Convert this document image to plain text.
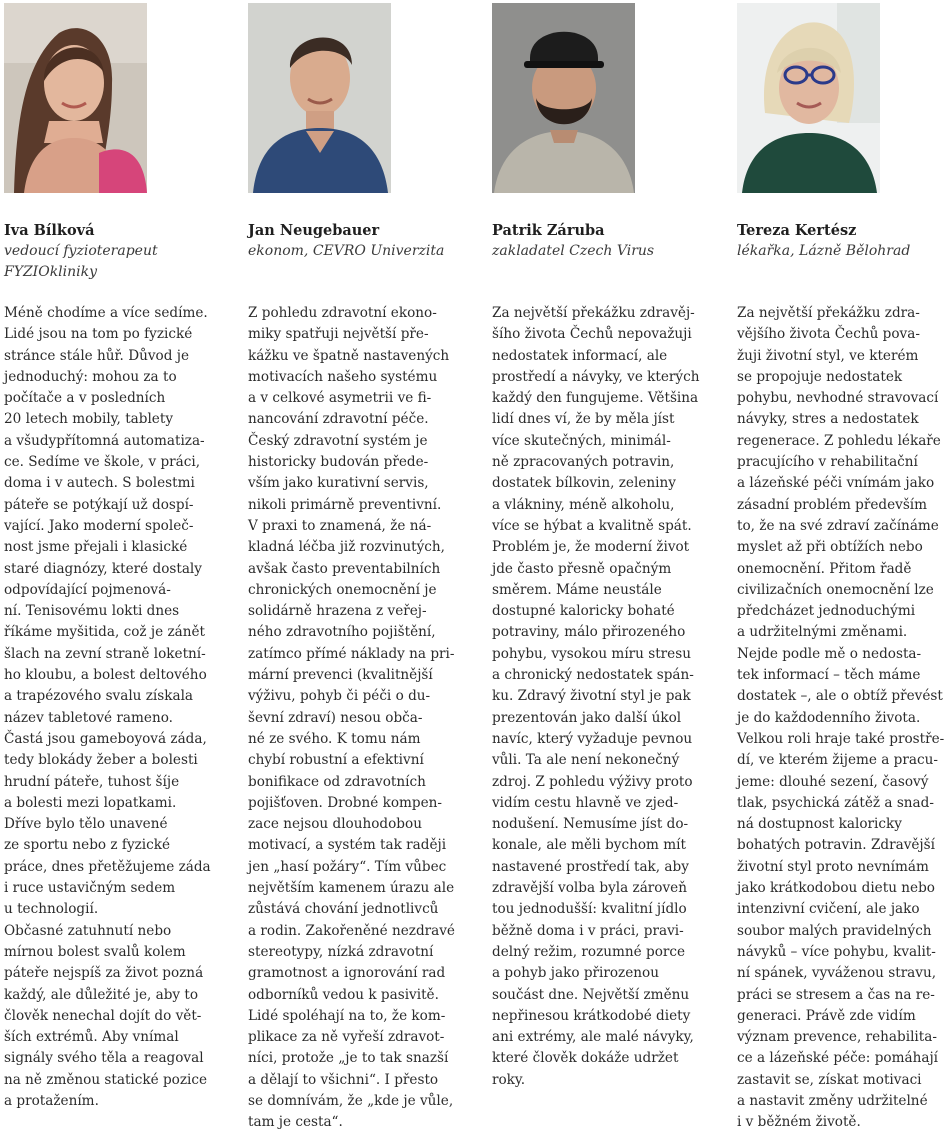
Iva Bílková
vedoucí fyzioterapeut
FYZIOkliniky
Méně chodíme a více sedíme.
Lidé jsou na tom po fyzické
stránce stále hůř. Důvod je
jednoduchý: mohou za to
počítače a v posledních
20 letech mobily, tablety
a všudypřítomná automatiza-
ce. Sedíme ve škole, v práci,
doma i v autech. S bolestmi
páteře se potýkají už dospí-
vající. Jako moderní společ-
nost jsme přejali i klasické
staré diagnózy, které dostaly
odpovídající pojmenová-
ní. Tenisovému lokti dnes
říkáme myšitida, což je zánět
šlach na zevní straně loketní-
ho kloubu, a bolest deltového
a trapézového svalu získala
název tabletové rameno.
Častá jsou gameboyová záda,
tedy blokády žeber a bolesti
hrudní páteře, tuhost šíje
a bolesti mezi lopatkami.
Dříve bylo tělo unavené
ze sportu nebo z fyzické
práce, dnes přetěžujeme záda
i ruce ustavičným sedem
u technologií.
Občasné zatuhnutí nebo
mírnou bolest svalů kolem
páteře nejspíš za život pozná
každý, ale důležité je, aby to
člověk nenechal dojít do vět-
ších extrémů. Aby vnímal
signály svého těla a reagoval
na ně změnou statické pozice
a protažením.
Jan Neugebauer
ekonom, CEVRO Univerzita
Z pohledu zdravotní ekono-
miky spatřuji největší pře-
kážku ve špatně nastavených
motivacích našeho systému
a v celkové asymetrii ve fi-
nancování zdravotní péče.
Český zdravotní systém je
historicky budován přede-
vším jako kurativní servis,
nikoli primárně preventivní.
V praxi to znamená, že ná-
kladná léčba již rozvinutých,
avšak často preventabilních
chronických onemocnění je
solidárně hrazena z veřej-
ného zdravotního pojištění,
zatímco přímé náklady na pri-
mární prevenci (kvalitnější
výživu, pohyb či péči o du-
ševní zdraví) nesou obča-
né ze svého. K tomu nám
chybí robustní a efektivní
bonifikace od zdravotních
pojišťoven. Drobné kompen-
zace nejsou dlouhodobou
motivací, a systém tak raději
jen „hasí požáry“. Tím vůbec
největším kamenem úrazu ale
zůstává chování jednotlivců
a rodin. Zakořeněné nezdravé
stereotypy, nízká zdravotní
gramotnost a ignorování rad
odborníků vedou k pasivitě.
Lidé spoléhají na to, že kom-
plikace za ně vyřeší zdravot-
níci, protože „je to tak snazší
a dělají to všichni“. I přesto
se domnívám, že „kde je vůle,
tam je cesta“.
Patrik Záruba
zakladatel Czech Virus
Za největší překážku zdravěj-
šího života Čechů nepovažuji
nedostatek informací, ale
prostředí a návyky, ve kterých
každý den fungujeme. Většina
lidí dnes ví, že by měla jíst
více skutečných, minimál-
ně zpracovaných potravin,
dostatek bílkovin, zeleniny
a vlákniny, méně alkoholu,
více se hýbat a kvalitně spát.
Problém je, že moderní život
jde často přesně opačným
směrem. Máme neustále
dostupné kaloricky bohaté
potraviny, málo přirozeného
pohybu, vysokou míru stresu
a chronický nedostatek spán-
ku. Zdravý životní styl je pak
prezentován jako další úkol
navíc, který vyžaduje pevnou
vůli. Ta ale není nekonečný
zdroj. Z pohledu výživy proto
vidím cestu hlavně ve zjed-
nodušení. Nemusíme jíst do-
konale, ale měli bychom mít
nastavené prostředí tak, aby
zdravější volba byla zároveň
tou jednodušší: kvalitní jídlo
běžně doma i v práci, pravi-
delný režim, rozumné porce
a pohyb jako přirozenou
součást dne. Největší změnu
nepřinesou krátkodobé diety
ani extrémy, ale malé návyky,
které člověk dokáže udržet
roky.
Tereza Kertész
lékařka, Lázně Bělohrad
Za největší překážku zdra-
vějšího života Čechů pova-
žuji životní styl, ve kterém
se propojuje nedostatek
pohybu, nevhodné stravovací
návyky, stres a nedostatek
regenerace. Z pohledu lékaře
pracujícího v rehabilitační
a lázeňské péči vnímám jako
zásadní problém především
to, že na své zdraví začínáme
myslet až při obtížích nebo
onemocnění. Přitom řadě
civilizačních onemocnění lze
předcházet jednoduchými
a udržitelnými změnami.
Nejde podle mě o nedosta-
tek informací – těch máme
dostatek –, ale o obtíž převést
je do každodenního života.
Velkou roli hraje také prostře-
dí, ve kterém žijeme a pracu-
jeme: dlouhé sezení, časový
tlak, psychická zátěž a snad-
ná dostupnost kaloricky
bohatých potravin. Zdravější
životní styl proto nevnímám
jako krátkodobou dietu nebo
intenzivní cvičení, ale jako
soubor malých pravidelných
návyků – více pohybu, kvalit-
ní spánek, vyváženou stravu,
práci se stresem a čas na re-
generaci. Právě zde vidím
význam prevence, rehabilita-
ce a lázeňské péče: pomáhají
zastavit se, získat motivaci
a nastavit změny udržitelné
i v běžném životě.
